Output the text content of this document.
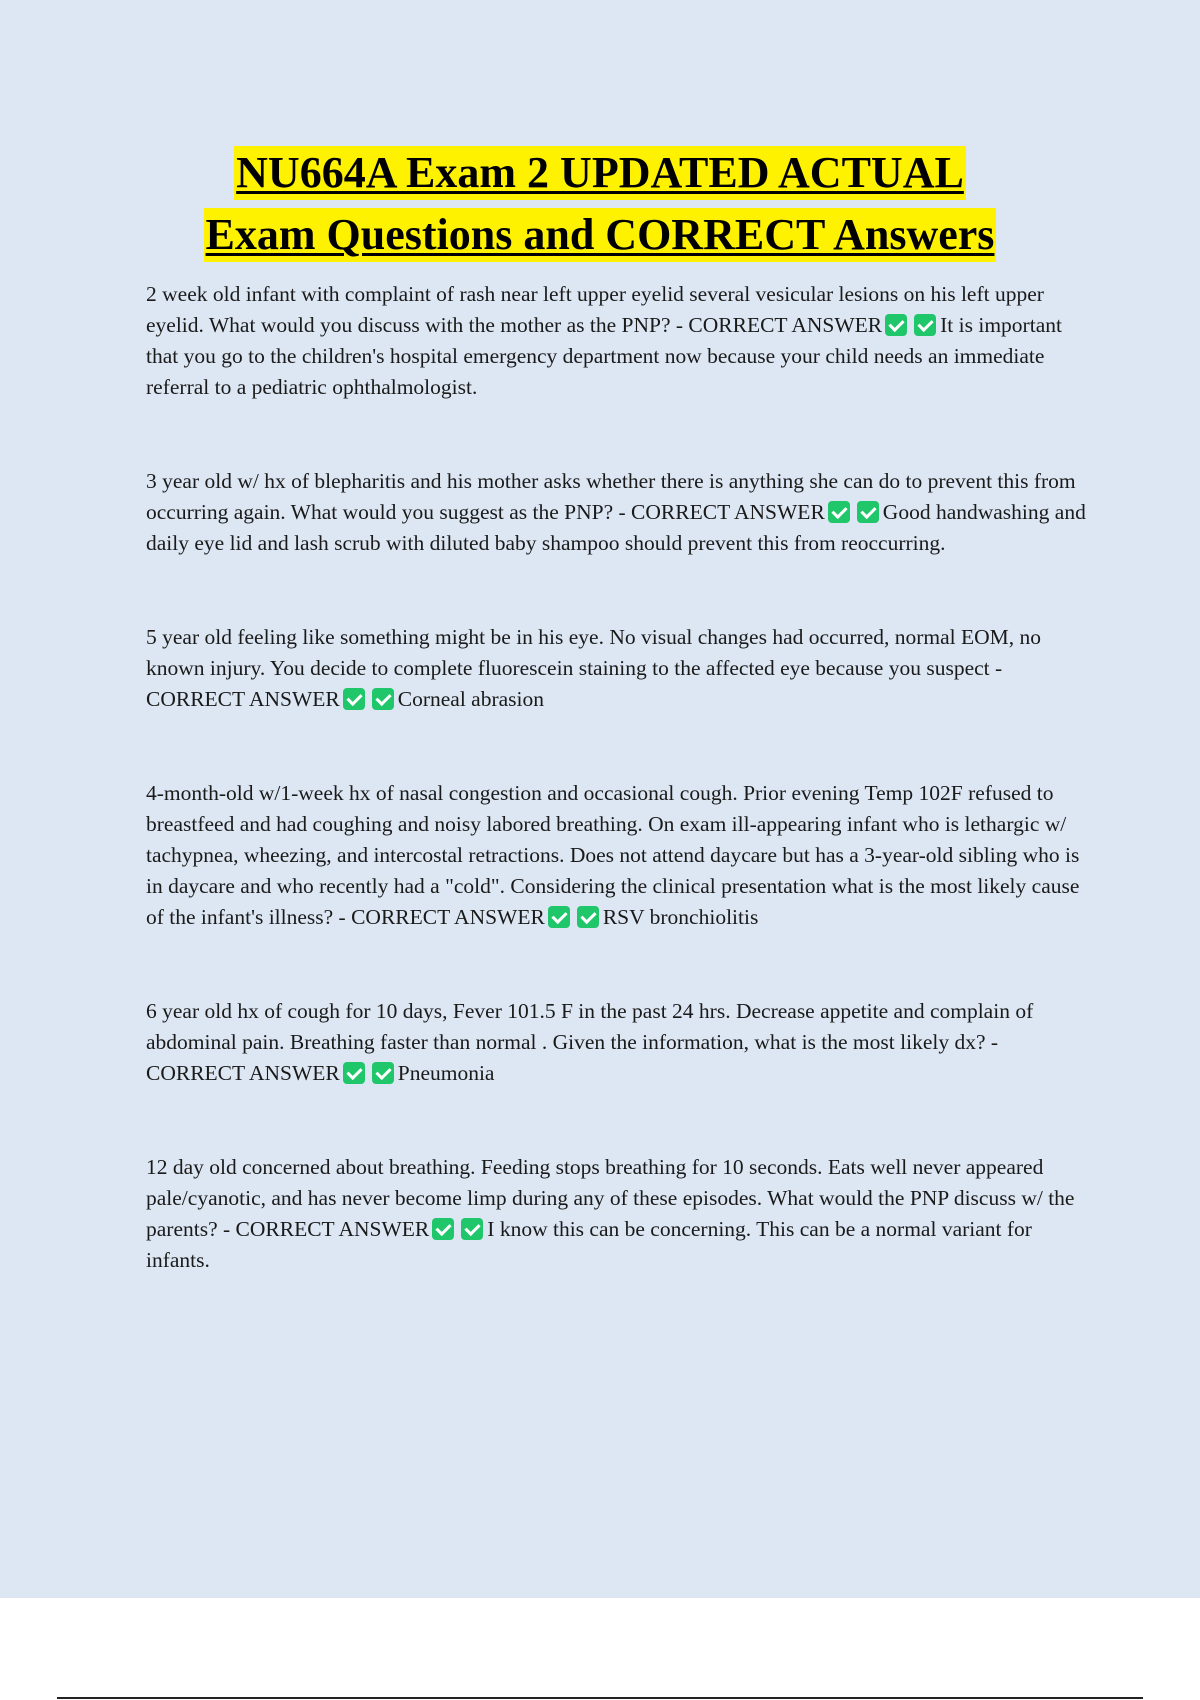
NU664A Exam 2 UPDATED ACTUAL
Exam Questions and CORRECT Answers

2 week old infant with complaint of rash near left upper eyelid several vesicular lesions on his left upper eyelid. What would you discuss with the mother as the PNP? - CORRECT ANSWER	It is important that you go to the children's hospital emergency department now because your child needs an immediate referral to a pediatric ophthalmologist.

3 year old w/ hx of blepharitis and his mother asks whether there is anything she can do to prevent this from occurring again. What would you suggest as the PNP? - CORRECT ANSWER	Good handwashing and daily eye lid and lash scrub with diluted baby shampoo should prevent this from reoccurring.

5 year old feeling like something might be in his eye. No visual changes had occurred, normal EOM, no known injury. You decide to complete fluorescein staining to the affected eye because you suspect - CORRECT ANSWER	Corneal abrasion

4-month-old w/1-week hx of nasal congestion and occasional cough. Prior evening Temp 102F refused to breastfeed and had coughing and noisy labored breathing. On exam ill-appearing infant who is lethargic w/ tachypnea, wheezing, and intercostal retractions. Does not attend daycare but has a 3-year-old sibling who is in daycare and who recently had a "cold". Considering the clinical presentation what is the most likely cause of the infant's illness? - CORRECT ANSWER	RSV bronchiolitis

6 year old hx of cough for 10 days, Fever 101.5 F in the past 24 hrs. Decrease appetite and complain of abdominal pain. Breathing faster than normal . Given the information, what is the most likely dx? - CORRECT ANSWER	Pneumonia

12 day old concerned about breathing. Feeding stops breathing for 10 seconds. Eats well never appeared pale/cyanotic, and has never become limp during any of these episodes. What would the PNP discuss w/ the parents? - CORRECT ANSWER	I know this can be concerning. This can be a normal variant for infants.
